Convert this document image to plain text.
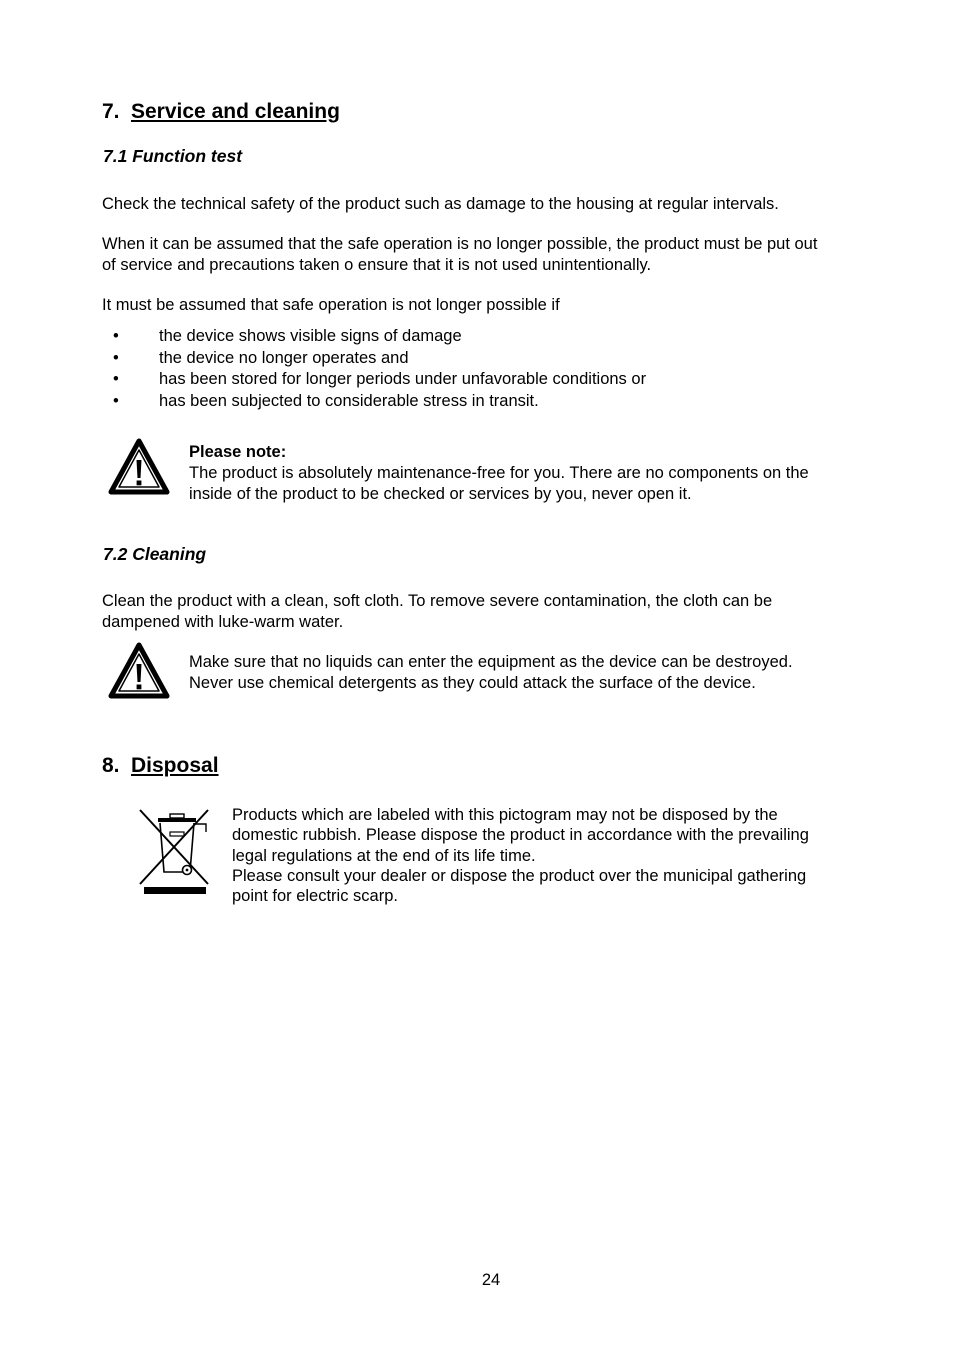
7. Service and cleaning
7.1 Function test

Check the technical safety of the product such as damage to the housing at regular intervals.

When it can be assumed that the safe operation is no longer possible, the product must be put out

of service and precautions taken o ensure that it is not used unintentionally.

It must be assumed that safe operation is not longer possible if

• the device shows visible signs of damage
• the device no longer operates and
• has been stored for longer periods under unfavorable conditions or
• has been subjected to considerable stress in transit.

Please note:

The product is absolutely maintenance-free for you. There are no components on the

inside of the product to be checked or services by you, never open it.

7.2 Cleaning

Clean the product with a clean, soft cloth. To remove severe contamination, the cloth can be

dampened with luke-warm water.

Make sure that no liquids can enter the equipment as the device can be destroyed.

Never use chemical detergents as they could attack the surface of the device.

8. Disposal

Products which are labeled with this pictogram may not be disposed by the

domestic rubbish. Please dispose the product in accordance with the prevailing

legal regulations at the end of its life time.

Please consult your dealer or dispose the product over the municipal gathering

point for electric scarp.

24
